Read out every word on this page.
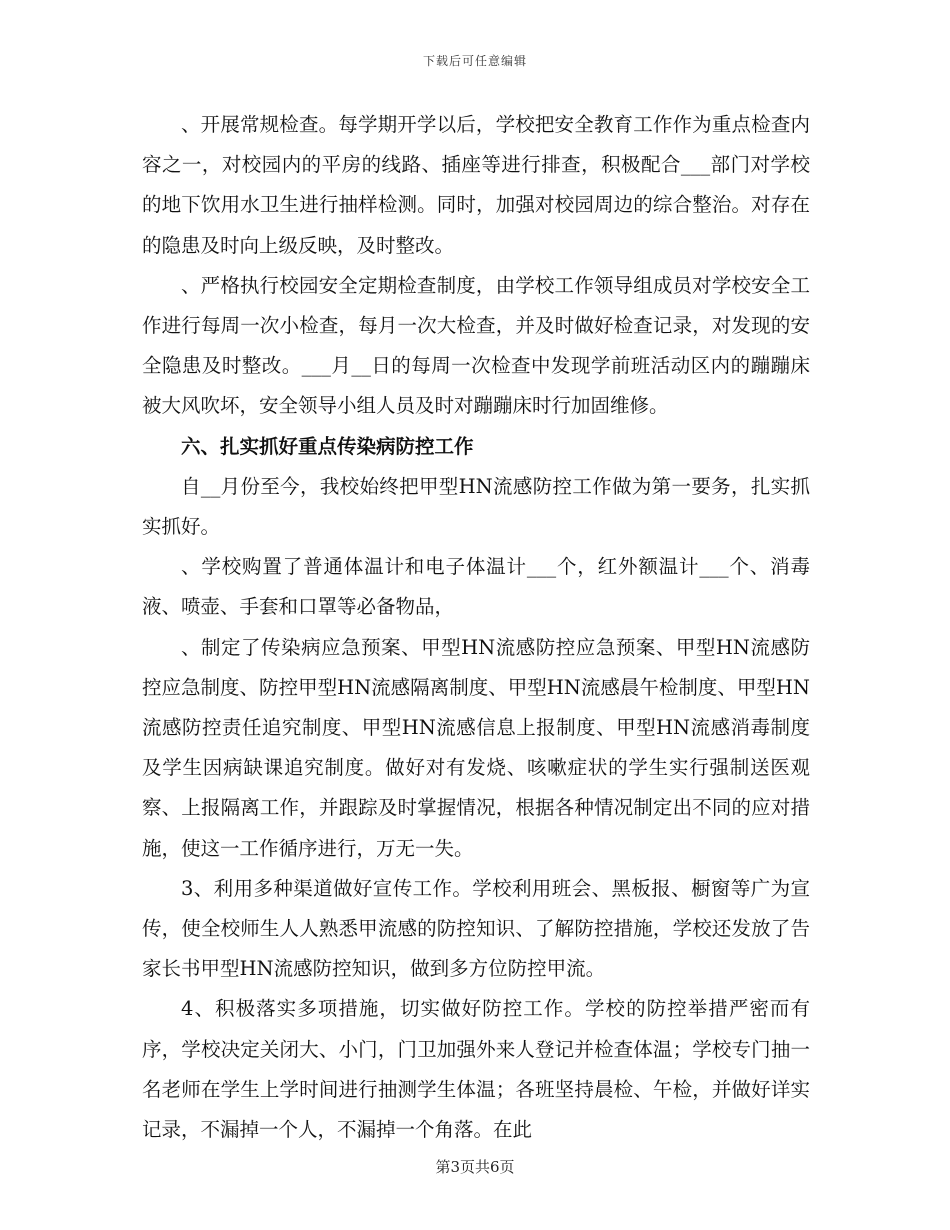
下载后可任意编辑

、开展常规检查。每学期开学以后，学校把安全教育工作作为重点检查内容之一，对校园内的平房的线路、插座等进行排查，积极配合___部门对学校的地下饮用水卫生进行抽样检测。同时，加强对校园周边的综合整治。对存在的隐患及时向上级反映，及时整改。

、严格执行校园安全定期检查制度，由学校工作领导组成员对学校安全工作进行每周一次小检查，每月一次大检查，并及时做好检查记录，对发现的安全隐患及时整改。___月__日的每周一次检查中发现学前班活动区内的蹦蹦床被大风吹坏，安全领导小组人员及时对蹦蹦床时行加固维修。

六、扎实抓好重点传染病防控工作

自__月份至今，我校始终把甲型HN流感防控工作做为第一要务，扎实抓实抓好。

、学校购置了普通体温计和电子体温计___个，红外额温计___个、消毒液、喷壶、手套和口罩等必备物品，

、制定了传染病应急预案、甲型HN流感防控应急预案、甲型HN流感防控应急制度、防控甲型HN流感隔离制度、甲型HN流感晨午检制度、甲型HN流感防控责任追究制度、甲型HN流感信息上报制度、甲型HN流感消毒制度及学生因病缺课追究制度。做好对有发烧、咳嗽症状的学生实行强制送医观察、上报隔离工作，并跟踪及时掌握情况，根据各种情况制定出不同的应对措施，使这一工作循序进行，万无一失。

3、利用多种渠道做好宣传工作。学校利用班会、黑板报、橱窗等广为宣传，使全校师生人人熟悉甲流感的防控知识、了解防控措施，学校还发放了告家长书甲型HN流感防控知识，做到多方位防控甲流。

4、积极落实多项措施，切实做好防控工作。学校的防控举措严密而有序，学校决定关闭大、小门，门卫加强外来人登记并检查体温；学校专门抽一名老师在学生上学时间进行抽测学生体温；各班坚持晨检、午检，并做好详实记录，不漏掉一个人，不漏掉一个角落。在此

第3页共6页
